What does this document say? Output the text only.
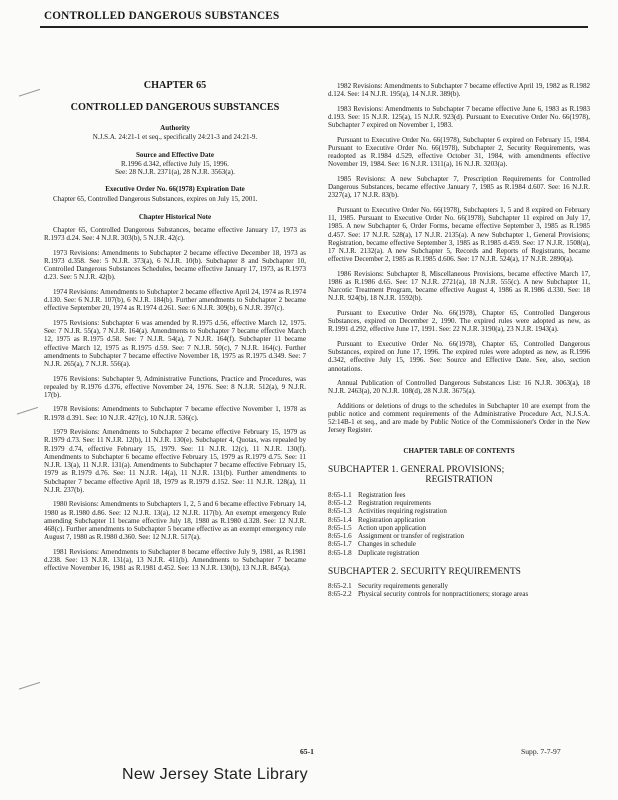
CONTROLLED DANGEROUS SUBSTANCES
CHAPTER 65
CONTROLLED DANGEROUS SUBSTANCES
Authority
N.J.S.A. 24:21-1 et seq., specifically 24:21-3 and 24:21-9.
Source and Effective Date
R.1996 d.342, effective July 15, 1996.
See: 28 N.J.R. 2371(a), 28 N.J.R. 3563(a).
Executive Order No. 66(1978) Expiration Date

Chapter 65, Controlled Dangerous Substances, expires on July 15, 2001.

Chapter Historical Note

Chapter 65, Controlled Dangerous Substances, became effective January 17, 1973 as R.1973 d.24. See: 4 N.J.R. 303(b), 5 N.J.R. 42(c).

1973 Revisions: Amendments to Subchapter 2 became effective December 18, 1973 as R.1973 d.358. See: 5 N.J.R. 373(a), 6 N.J.R. 10(b). Subchapter 8 and Subchapter 10, Controlled Dangerous Substances Schedules, became effective January 17, 1973, as R.1973 d.23. See: 5 N.J.R. 42(b).

1974 Revisions: Amendments to Subchapter 2 became effective April 24, 1974 as R.1974 d.130. See: 6 N.J.R. 107(b), 6 N.J.R. 184(b). Further amendments to Subchapter 2 became effective September 20, 1974 as R.1974 d.261. See: 6 N.J.R. 309(b), 6 N.J.R. 397(c).

1975 Revisions: Subchapter 6 was amended by R.1975 d.56, effective March 12, 1975. See: 7 N.J.R. 55(a), 7 N.J.R. 164(a). Amendments to Subchapter 7 became effective March 12, 1975 as R.1975 d.58. See: 7 N.J.R. 54(a), 7 N.J.R. 164(f). Subchapter 11 became effective March 12, 1975 as R.1975 d.59. See: 7 N.J.R. 50(c), 7 N.J.R. 164(c). Further amendments to Subchapter 7 became effective November 18, 1975 as R.1975 d.349. See: 7 N.J.R. 265(a), 7 N.J.R. 556(a).

1976 Revisions: Subchapter 9, Administrative Functions, Practice and Procedures, was repealed by R.1976 d.376, effective November 24, 1976. See: 8 N.J.R. 512(a), 9 N.J.R. 17(b).

1978 Revisions: Amendments to Subchapter 7 became effective November 1, 1978 as R.1978 d.391. See: 10 N.J.R. 427(c), 10 N.J.R. 536(c).

1979 Revisions: Amendments to Subchapter 2 became effective February 15, 1979 as R.1979 d.73. See: 11 N.J.R. 12(b), 11 N.J.R. 130(e). Subchapter 4, Quotas, was repealed by R.1979 d.74, effective February 15, 1979. See: 11 N.J.R. 12(c), 11 N.J.R. 130(f). Amendments to Subchapter 6 became effective February 15, 1979 as R.1979 d.75. See: 11 N.J.R. 13(a), 11 N.J.R. 131(a). Amendments to Subchapter 7 became effective February 15, 1979 as R.1979 d.76. See: 11 N.J.R. 14(a), 11 N.J.R. 131(b). Further amendments to Subchapter 7 became effective April 18, 1979 as R.1979 d.152. See: 11 N.J.R. 128(a), 11 N.J.R. 237(b).

1980 Revisions: Amendments to Subchapters 1, 2, 5 and 6 became effective February 14, 1980 as R.1980 d.86. See: 12 N.J.R. 13(a), 12 N.J.R. 117(b). An exempt emergency Rule amending Subchapter 11 became effective July 18, 1980 as R.1980 d.328. See: 12 N.J.R. 468(c). Further amendments to Subchapter 5 became effective as an exempt emergency rule August 7, 1980 as R.1980 d.360. See: 12 N.J.R. 517(a).

1981 Revisions: Amendments to Subchapter 8 became effective July 9, 1981, as R.1981 d.238. See: 13 N.J.R. 131(a), 13 N.J.R. 411(b). Amendments to Subchapter 7 became effective November 16, 1981 as R.1981 d.452. See: 13 N.J.R. 130(b), 13 N.J.R. 845(a).

1982 Revisions: Amendments to Subchapter 7 became effective April 19, 1982 as R.1982 d.124. See: 14 N.J.R. 195(a), 14 N.J.R. 389(b).

1983 Revisions: Amendments to Subchapter 7 became effective June 6, 1983 as R.1983 d.193. See: 15 N.J.R. 125(a), 15 N.J.R. 923(d). Pursuant to Executive Order No. 66(1978), Subchapter 7 expired on November 1, 1983.

Pursuant to Executive Order No. 66(1978), Subchapter 6 expired on February 15, 1984. Pursuant to Executive Order No. 66(1978), Subchapter 2, Security Requirements, was readopted as R.1984 d.529, effective October 31, 1984, with amendments effective November 19, 1984. See: 16 N.J.R. 1311(a), 16 N.J.R. 3203(a).

1985 Revisions: A new Subchapter 7, Prescription Requirements for Controlled Dangerous Substances, became effective January 7, 1985 as R.1984 d.607. See: 16 N.J.R. 2327(a), 17 N.J.R. 83(b).

Pursuant to Executive Order No. 66(1978), Subchapters 1, 5 and 8 expired on February 11, 1985. Pursuant to Executive Order No. 66(1978), Subchapter 11 expired on July 17, 1985. A new Subchapter 6, Order Forms, became effective September 3, 1985 as R.1985 d.457. See: 17 N.J.R. 528(a), 17 N.J.R. 2135(a). A new Subchapter 1, General Provisions; Registration, became effective September 3, 1985 as R.1985 d.459. See: 17 N.J.R. 1508(a), 17 N.J.R. 2132(a). A new Subchapter 5, Records and Reports of Registrants, became effective December 2, 1985 as R.1985 d.606. See: 17 N.J.R. 524(a), 17 N.J.R. 2890(a).

1986 Revisions: Subchapter 8, Miscellaneous Provisions, became effective March 17, 1986 as R.1986 d.65. See: 17 N.J.R. 2721(a), 18 N.J.R. 555(c). A new Subchapter 11, Narcotic Treatment Program, became effective August 4, 1986 as R.1986 d.330. See: 18 N.J.R. 924(b), 18 N.J.R. 1592(b).

Pursuant to Executive Order No. 66(1978), Chapter 65, Controlled Dangerous Substances, expired on December 2, 1990. The expired rules were adopted as new, as R.1991 d.292, effective June 17, 1991. See: 22 N.J.R. 3190(a), 23 N.J.R. 1943(a).

Pursuant to Executive Order No. 66(1978), Chapter 65, Controlled Dangerous Substances, expired on June 17, 1996. The expired rules were adopted as new, as R.1996 d.342, effective July 15, 1996. See: Source and Effective Date. See, also, section annotations.

Annual Publication of Controlled Dangerous Substances List: 16 N.J.R. 3063(a), 18 N.J.R. 2463(a), 20 N.J.R. 108(d), 28 N.J.R. 3675(a).

Additions or deletions of drugs to the schedules in Subchapter 10 are exempt from the public notice and comment requirements of the Administrative Procedure Act, N.J.S.A. 52:14B-1 et seq., and are made by Public Notice of the Commissioner's Order in the New Jersey Register.

CHAPTER TABLE OF CONTENTS
SUBCHAPTER 1. GENERAL PROVISIONS;
REGISTRATION
8:65-1.1 Registration fees
8:65-1.2 Registration requirements
8:65-1.3 Activities requiring registration
8:65-1.4 Registration application
8:65-1.5 Action upon application
8:65-1.6 Assignment or transfer of registration
8:65-1.7 Changes in schedule
8:65-1.8 Duplicate registration
SUBCHAPTER 2. SECURITY REQUIREMENTS
8:65-2.1 Security requirements generally
8:65-2.2 Physical security controls for nonpractitioners; storage areas
65-1	Supp. 7-7-97
New Jersey State Library
